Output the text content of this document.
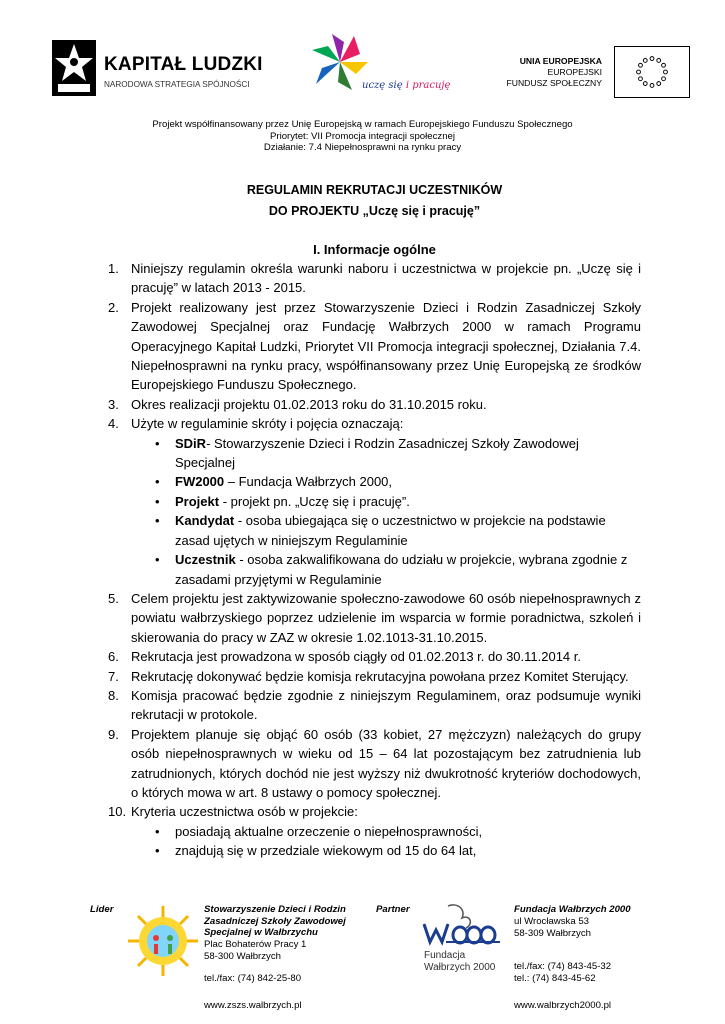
KAPITAŁ LUDZKI
NARODOWA STRATEGIA SPÓJNOŚCI	uczę się i pracuję
UNIA EUROPEJSKA
EUROPEJSKI
FUNDUSZ SPOŁECZNY
Projekt współfinansowany przez Unię Europejską w ramach Europejskiego Funduszu Społecznego
Priorytet: VII Promocja integracji społecznej
Działanie: 7.4 Niepełnosprawni na rynku pracy
REGULAMIN REKRUTACJI UCZESTNIKÓW
DO PROJEKTU „Uczę się i pracuję”
I. Informacje ogólne
1. Niniejszy regulamin określa warunki naboru i uczestnictwa w projekcie pn. „Uczę się i pracuję” w latach 2013 - 2015.
2. Projekt realizowany jest przez Stowarzyszenie Dzieci i Rodzin Zasadniczej Szkoły Zawodowej Specjalnej oraz Fundację Wałbrzych 2000 w ramach Programu Operacyjnego Kapitał Ludzki, Priorytet VII Promocja integracji społecznej, Działania 7.4. Niepełnosprawni na rynku pracy, współfinansowany przez Unię Europejską ze środków Europejskiego Funduszu Społecznego.
3. Okres realizacji projektu 01.02.2013 roku do 31.10.2015 roku.
4. Użyte w regulaminie skróty i pojęcia oznaczają:
• SDiR- Stowarzyszenie Dzieci i Rodzin Zasadniczej Szkoły Zawodowej Specjalnej
• FW2000 – Fundacja Wałbrzych 2000,
• Projekt - projekt pn. „Uczę się i pracuję”.
• Kandydat - osoba ubiegająca się o uczestnictwo w projekcie na podstawie zasad ujętych w niniejszym Regulaminie
• Uczestnik - osoba zakwalifikowana do udziału w projekcie, wybrana zgodnie z zasadami przyjętymi w Regulaminie
5. Celem projektu jest zaktywizowanie społeczno-zawodowe 60 osób niepełnosprawnych z powiatu wałbrzyskiego poprzez udzielenie im wsparcia w formie poradnictwa, szkoleń i skierowania do pracy w ZAZ w okresie 1.02.1013-31.10.2015.
6. Rekrutacja jest prowadzona w sposób ciągły od 01.02.2013 r. do 30.11.2014 r.
7. Rekrutację dokonywać będzie komisja rekrutacyjna powołana przez Komitet Sterujący.
8. Komisja pracować będzie zgodnie z niniejszym Regulaminem, oraz podsumuje wyniki rekrutacji w protokole.
9. Projektem planuje się objąć 60 osób (33 kobiet, 27 mężczyzn) należących do grupy osób niepełnosprawnych w wieku od 15 – 64 lat pozostającym bez zatrudnienia lub zatrudnionych, których dochód nie jest wyższy niż dwukrotność kryteriów dochodowych, o których mowa w art. 8 ustawy o pomocy społecznej.
10. Kryteria uczestnictwa osób w projekcie:
• posiadają aktualne orzeczenie o niepełnosprawności,
• znajdują się w przedziale wiekowym od 15 do 64 lat,
Lider	Stowarzyszenie Dzieci i Rodzin
Zasadniczej Szkoły Zawodowej
Specjalnej w Wałbrzychu
Plac Bohaterów Pracy 1
58-300 Wałbrzych
tel./fax: (74) 842-25-80
www.zszs.walbrzych.pl
Partner
Fundacja
Wałbrzych 2000
Fundacja Wałbrzych 2000
ul Wrocławska 53
58-309 Wałbrzych
tel./fax: (74) 843-45-32
tel.: (74) 843-45-62
www.walbrzych2000.pl
